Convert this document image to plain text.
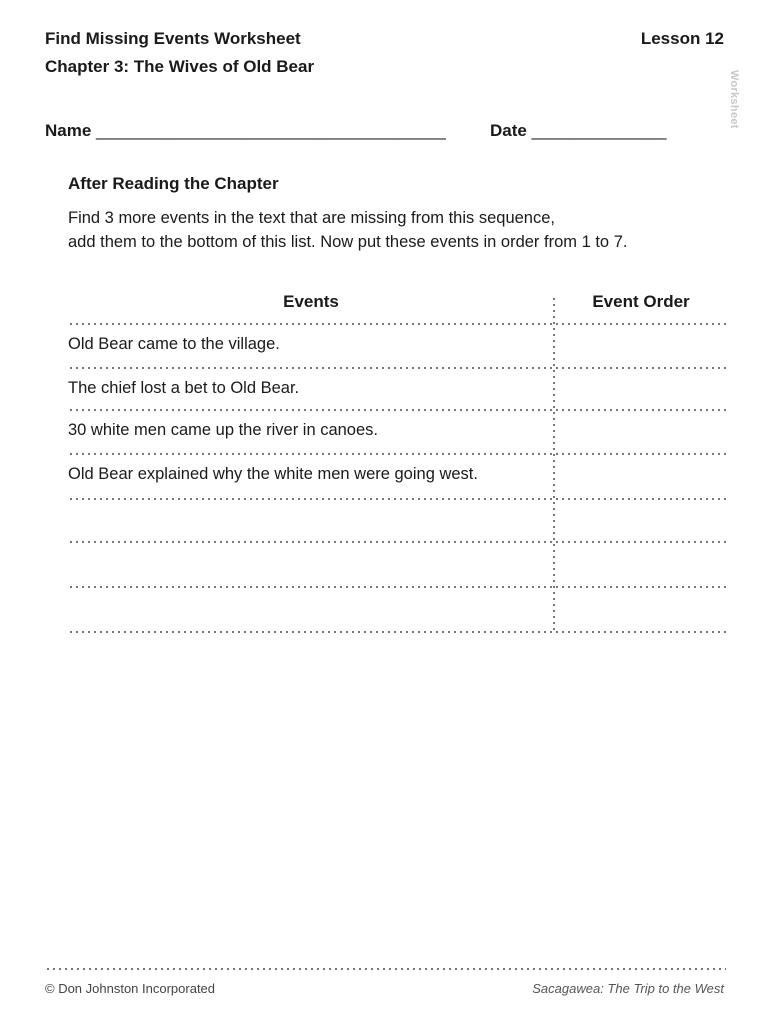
Find Missing Events Worksheet	Lesson 12
Chapter 3: The Wives of Old Bear
Worksheet
Name _______________________________________	Date _______________
After Reading the Chapter
Find 3 more events in the text that are missing from this sequence,
add them to the bottom of this list. Now put these events in order from 1 to 7.
Events	Event Order
Old Bear came to the village.
The chief lost a bet to Old Bear.
30 white men came up the river in canoes.
Old Bear explained why the white men were going west.
© Don Johnston Incorporated	Sacagawea: The Trip to the West
